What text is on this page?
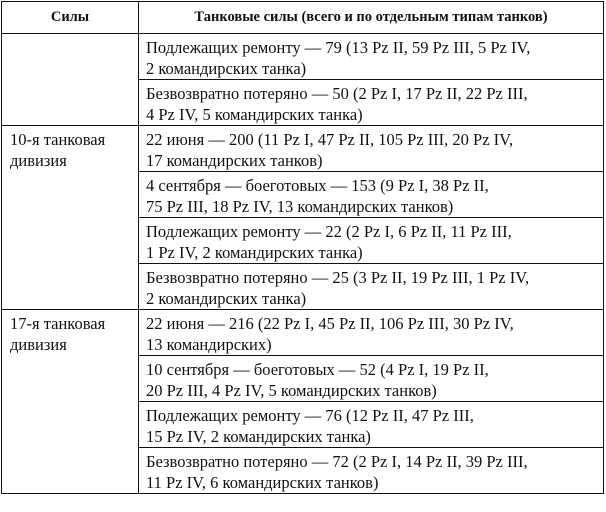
Силы	Танковые силы (всего и по отдельным типам танков)

	Подлежащих ремонту — 79 (13 Pz II, 59 Pz III, 5 Pz IV,
2 командирских танка)

	Безвозвратно потеряно — 50 (2 Pz I, 17 Pz II, 22 Pz III,
4 Pz IV, 5 командирских танка)

10-я танковая
дивизия	22 июня — 200 (11 Pz I, 47 Pz II, 105 Pz III, 20 Pz IV,
17 командирских танков)

	4 сентября — боеготовых — 153 (9 Pz I, 38 Pz II,
75 Pz III, 18 Pz IV, 13 командирских танков)

	Подлежащих ремонту — 22 (2 Pz I, 6 Pz II, 11 Pz III,
1 Pz IV, 2 командирских танка)

	Безвозвратно потеряно — 25 (3 Pz II, 19 Pz III, 1 Pz IV,
2 командирских танка)

17-я танковая
дивизия	22 июня — 216 (22 Pz I, 45 Pz II, 106 Pz III, 30 Pz IV,
13 командирских)

	10 сентября — боеготовых — 52 (4 Pz I, 19 Pz II,
20 Pz III, 4 Pz IV, 5 командирских танков)

	Подлежащих ремонту — 76 (12 Pz II, 47 Pz III,
15 Pz IV, 2 командирских танка)

	Безвозвратно потеряно — 72 (2 Pz I, 14 Pz II, 39 Pz III,
11 Pz IV, 6 командирских танков)
